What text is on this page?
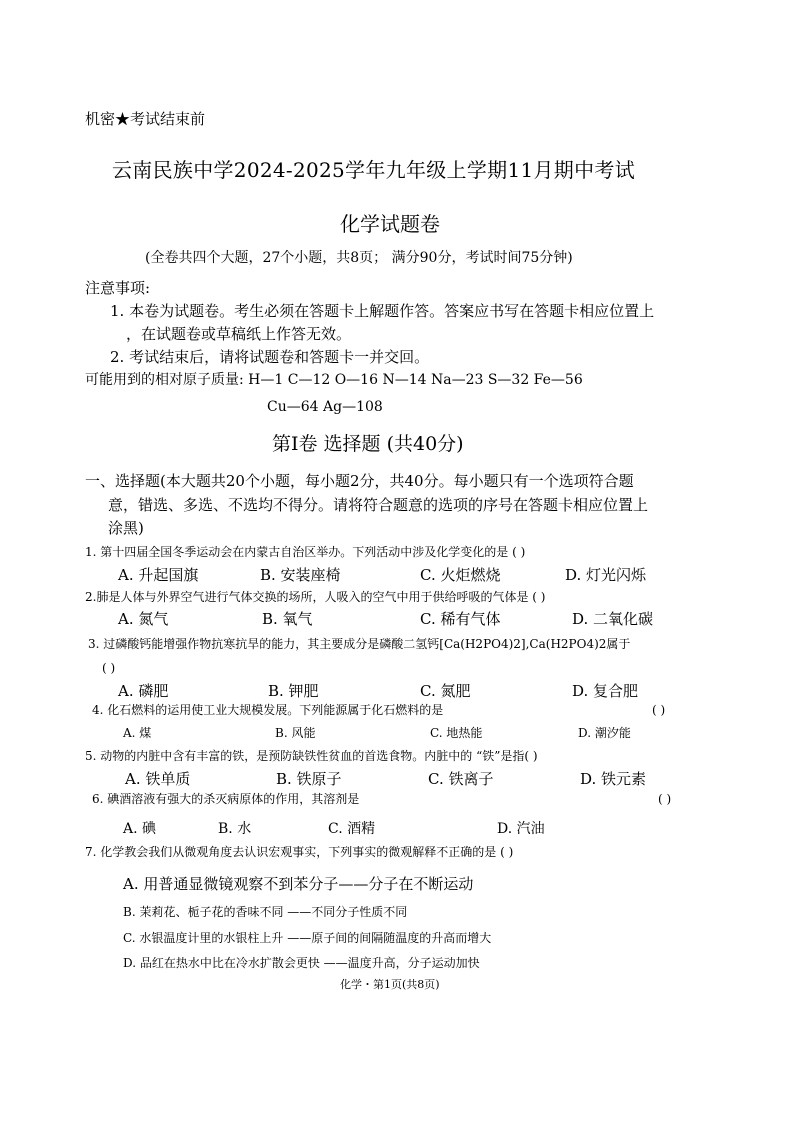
机密★考试结束前
云南民族中学2024-2025学年九年级上学期11月期中考试
化学试题卷
(全卷共四个大题，27个小题，共8页； 满分90分，考试时间75分钟)
注意事项:
1. 本卷为试题卷。考生必须在答题卡上解题作答。答案应书写在答题卡相应位置上
，在试题卷或草稿纸上作答无效。
2. 考试结束后，请将试题卷和答题卡一并交回。
可能用到的相对原子质量: H—1 C—12 O—16 N—14 Na—23 S—32 Fe—56
Cu—64 Ag—108
第Ⅰ卷 选择题 (共40分)
一、选择题(本大题共20个小题，每小题2分，共40分。每小题只有一个选项符合题
意，错选、多选、不选均不得分。请将符合题意的选项的序号在答题卡相应位置上
涂黑)
1. 第十四届全国冬季运动会在内蒙古自治区举办。下列活动中涉及化学变化的是 ( )
A. 升起国旗	B. 安装座椅	C. 火炬燃烧	D. 灯光闪烁
2.肺是人体与外界空气进行气体交换的场所，人吸入的空气中用于供给呼吸的气体是 ( )
A. 氮气	B. 氧气	C. 稀有气体	D. 二氧化碳
3. 过磷酸钙能增强作物抗寒抗旱的能力，其主要成分是磷酸二氢钙[Ca(H2PO4)2],Ca(H2PO4)2属于
( )
A. 磷肥	B. 钾肥	C. 氮肥	D. 复合肥
4. 化石燃料的运用使工业大规模发展。下列能源属于化石燃料的是	( )
A. 煤	B. 风能	C. 地热能	D. 潮汐能
5. 动物的内脏中含有丰富的铁，是预防缺铁性贫血的首选食物。内脏中的 “铁”是指( )
A. 铁单质	B. 铁原子	C. 铁离子	D. 铁元素
6. 碘酒溶液有强大的杀灭病原体的作用，其溶剂是	( )
A. 碘	B. 水	C. 酒精	D. 汽油
7. 化学教会我们从微观角度去认识宏观事实，下列事实的微观解释不正确的是 ( )
A. 用普通显微镜观察不到苯分子——分子在不断运动
B. 茉莉花、栀子花的香味不同 ——不同分子性质不同
C. 水银温度计里的水银柱上升 ——原子间的间隔随温度的升高而增大
D. 品红在热水中比在冷水扩散会更快 ——温度升高，分子运动加快
化学・第1页(共8页)
